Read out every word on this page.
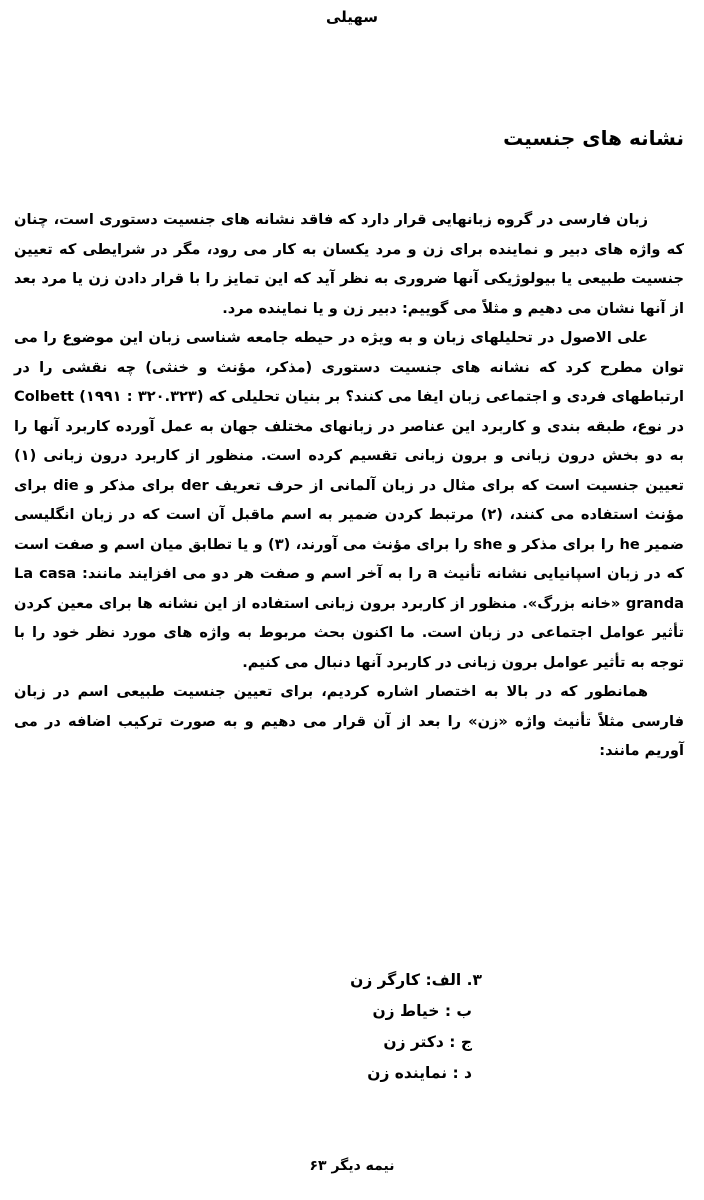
سهیلی
نشانه های جنسیت

زبان فارسی در گروه زبانهایی قرار دارد که فاقد نشانه های جنسیت دستوری است، چنان که واژه های دبیر و نماینده برای زن و مرد یکسان به کار می رود، مگر در شرایطی که تعیین جنسیت طبیعی یا بیولوژیکی آنها ضروری به نظر آید که این تمایز را با قرار دادن زن یا مرد بعد از آنها نشان می دهیم و مثلاً می گوییم: دبیر زن و یا نماینده مرد.

علی الاصول در تحلیلهای زبان و به ویژه در حیطه جامعه شناسی زبان این موضوع را می توان مطرح کرد که نشانه های جنسیت دستوری (مذکر، مؤنث و خنثی) چه نقشی را در ارتباطهای فردی و اجتماعی زبان ایفا می کنند؟ بر بنیان تحلیلی که Colbett (۱۹۹۱ : ۳۲۰.۳۲۳) در نوع، طبقه بندی و کاربرد این عناصر در زبانهای مختلف جهان به عمل آورده کاربرد آنها را به دو بخش درون زبانی و برون زبانی تقسیم کرده است. منظور از کاربرد درون زبانی (۱) تعیین جنسیت است که برای مثال در زبان آلمانی از حرف تعریف der برای مذکر و die برای مؤنث استفاده می کنند، (۲) مرتبط کردن ضمیر به اسم ماقبل آن است که در زبان انگلیسی ضمیر he را برای مذکر و she را برای مؤنث می آورند، (۳) و یا تطابق میان اسم و صفت است که در زبان اسپانیایی نشانه تأنیث a را به آخر اسم و صفت هر دو می افزایند مانند: La casa granda «خانه بزرگ». منظور از کاربرد برون زبانی استفاده از این نشانه ها برای معین کردن تأثیر عوامل اجتماعی در زبان است. ما اکنون بحث مربوط به واژه های مورد نظر خود را با توجه به تأثیر عوامل برون زبانی در کاربرد آنها دنبال می کنیم.

همانطور که در بالا به اختصار اشاره کردیم، برای تعیین جنسیت طبیعی اسم در زبان فارسی مثلاً تأنیث واژه «زن» را بعد از آن قرار می دهیم و به صورت ترکیب اضافه در می آوریم مانند:

۳. الف: کارگر زن
ب : خیاط زن
ج : دکتر زن
د : نماینده زن
نیمه دیگر ۶۳
